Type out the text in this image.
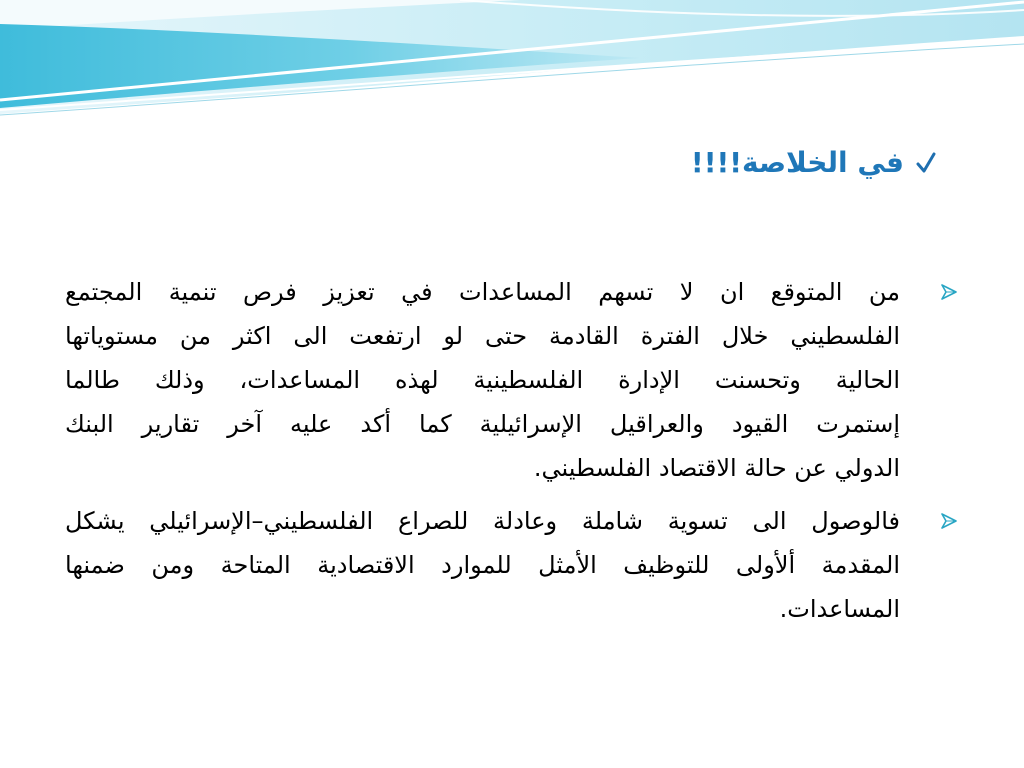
في الخلاصة!!!!
من المتوقع ان لا تسهم المساعدات في تعزيز فرص تنمية المجتمع
الفلسطيني خلال الفترة القادمة حتى لو ارتفعت الى اكثر من مستوياتها
الحالية وتحسنت الإدارة الفلسطينية لهذه المساعدات، وذلك طالما
إستمرت القيود والعراقيل الإسرائيلية كما أكد عليه آخر تقارير البنك
الدولي عن حالة الاقتصاد الفلسطيني.
فالوصول الى تسوية شاملة وعادلة للصراع الفلسطيني–الإسرائيلي يشكل
المقدمة ألأولى للتوظيف الأمثل للموارد الاقتصادية المتاحة ومن ضمنها
المساعدات.
